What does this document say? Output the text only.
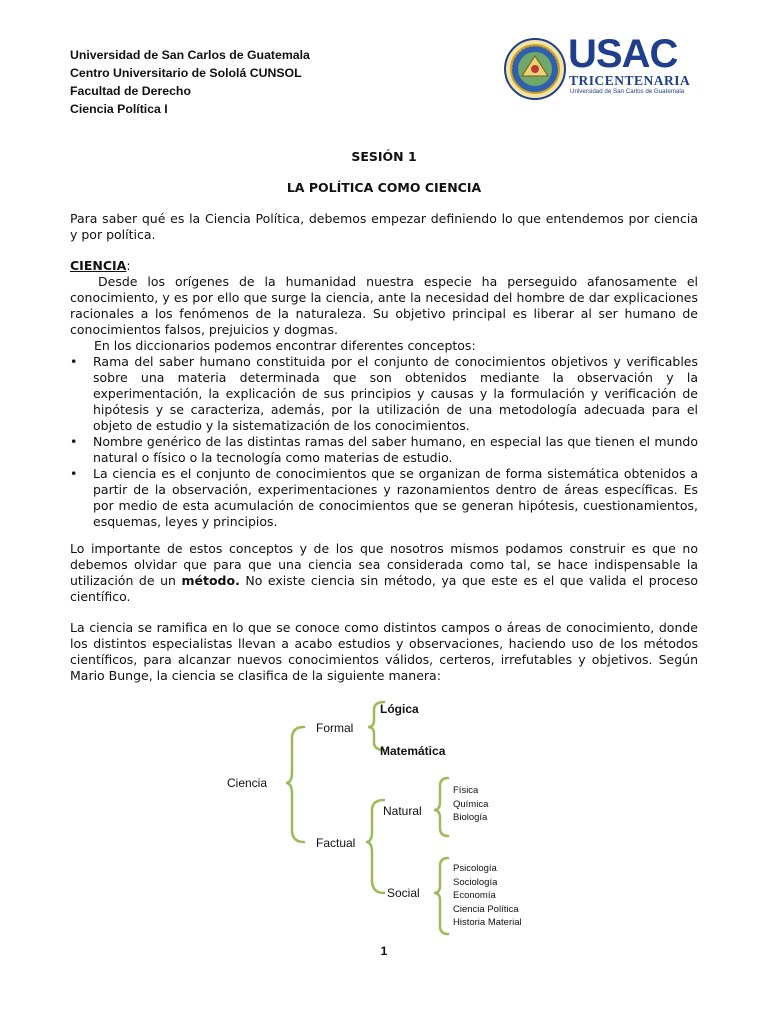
Universidad de San Carlos de Guatemala
Centro Universitario de Sololá CUNSOL
Facultad de Derecho
Ciencia Política I
USAC
TRICENTENARIA
Universidad de San Carlos de Guatemala
SESIÓN 1
LA POLÍTICA COMO CIENCIA
Para saber qué es la Ciencia Política, debemos empezar definiendo lo que entendemos por ciencia y por política.
CIENCIA:
Desde los orígenes de la humanidad nuestra especie ha perseguido afanosamente el conocimiento, y es por ello que surge la ciencia, ante la necesidad del hombre de dar explicaciones racionales a los fenómenos de la naturaleza. Su objetivo principal es liberar al ser humano de conocimientos falsos, prejuicios y dogmas.
En los diccionarios podemos encontrar diferentes conceptos:
• Rama del saber humano constituida por el conjunto de conocimientos objetivos y verificables sobre una materia determinada que son obtenidos mediante la observación y la experimentación, la explicación de sus principios y causas y la formulación y verificación de hipótesis y se caracteriza, además, por la utilización de una metodología adecuada para el objeto de estudio y la sistematización de los conocimientos.
• Nombre genérico de las distintas ramas del saber humano, en especial las que tienen el mundo natural o físico o la tecnología como materias de estudio.
• La ciencia es el conjunto de conocimientos que se organizan de forma sistemática obtenidos a partir de la observación, experimentaciones y razonamientos dentro de áreas específicas. Es por medio de esta acumulación de conocimientos que se generan hipótesis, cuestionamientos, esquemas, leyes y principios.
Lo importante de estos conceptos y de los que nosotros mismos podamos construir es que no debemos olvidar que para que una ciencia sea considerada como tal, se hace indispensable la utilización de un método. No existe ciencia sin método, ya que este es el que valida el proceso científico.
La ciencia se ramifica en lo que se conoce como distintos campos o áreas de conocimiento, donde los distintos especialistas llevan a acabo estudios y observaciones, haciendo uso de los métodos científicos, para alcanzar nuevos conocimientos válidos, certeros, irrefutables y objetivos. Según Mario Bunge, la ciencia se clasifica de la siguiente manera:
Ciencia
Formal
Lógica
Matemática
Factual
Natural
Física
Química
Biología
Social
Psicología
Sociología
Economía
Ciencia Política
Historia Material
1
